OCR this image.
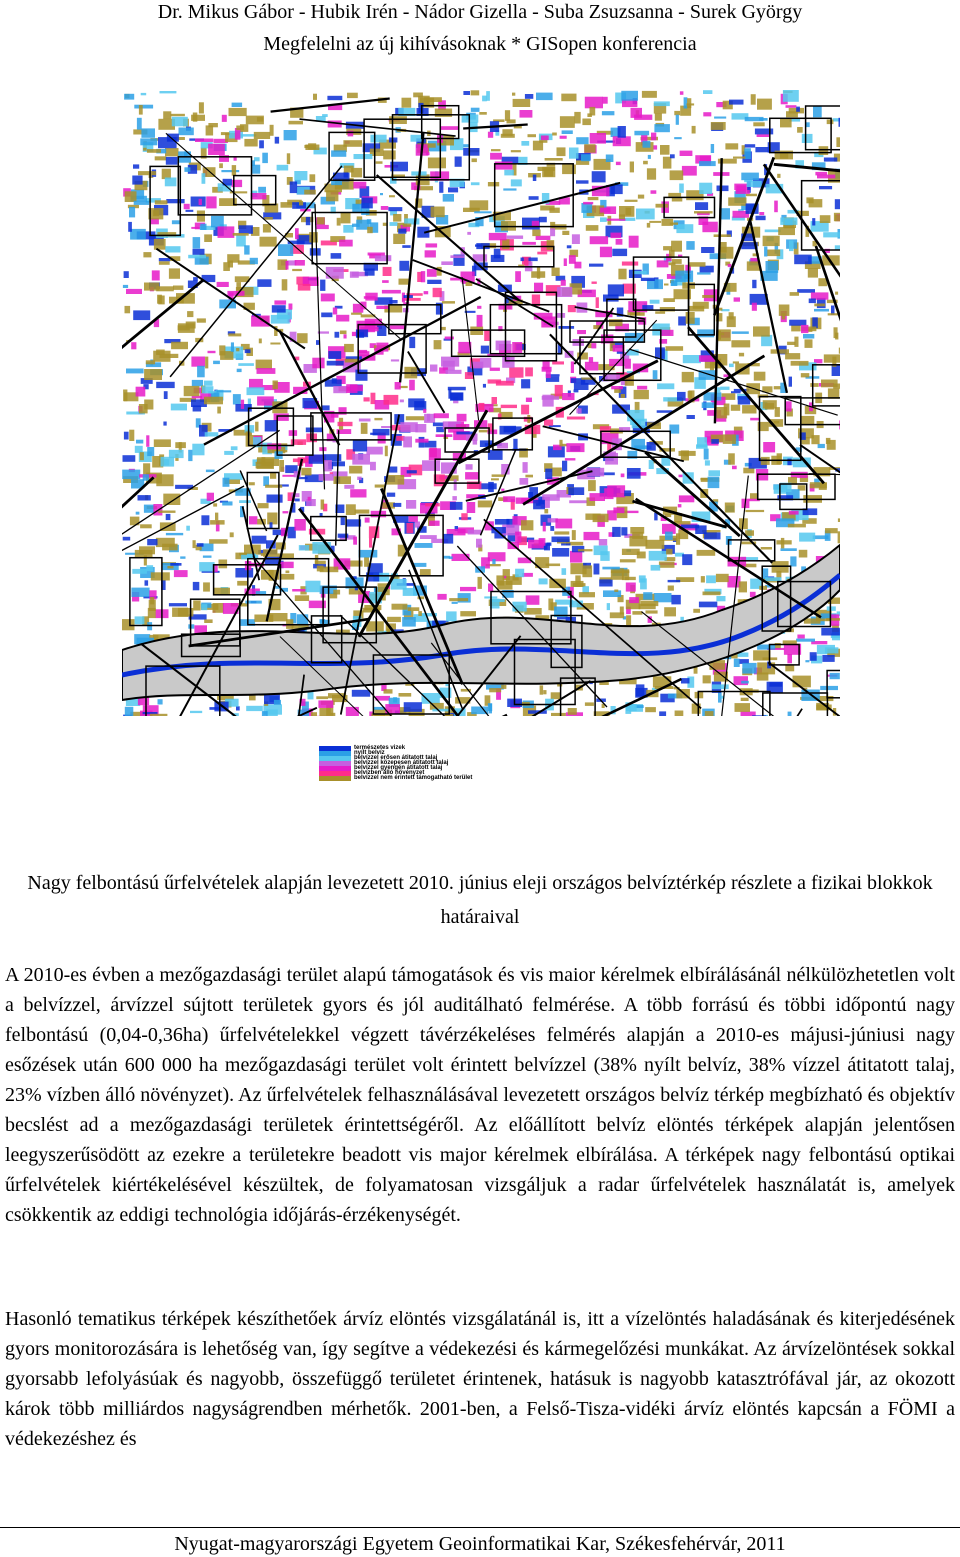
Dr. Mikus Gábor - Hubik Irén - Nádor Gizella - Suba Zsuzsanna - Surek György
Megfelelni az új kihívásoknak * GISopen konferencia
természetes vizek
nyílt belvíz
belvízzel erősen átitatott talaj
belvízzel közepesen átitatott talaj
belvízzel gyengén átitatott talaj
belvízben álló növényzet
belvízzel nem érintett támogatható terület
Nagy felbontású űrfelvételek alapján levezetett 2010. június eleji országos belvíztérkép részlete a fizikai blokkok határaival
A 2010-es évben a mezőgazdasági terület alapú támogatások és vis maior kérelmek elbírálásánál nélkülözhetetlen volt a belvízzel, árvízzel sújtott területek gyors és jól auditálható felmérése. A több forrású és többi időpontú nagy felbontású (0,04-0,36ha) űrfelvételekkel végzett távérzékeléses felmérés alapján a 2010-es májusi-júniusi nagy esőzések után 600 000 ha mezőgazdasági terület volt érintett belvízzel (38% nyílt belvíz, 38% vízzel átitatott talaj, 23% vízben álló növényzet). Az űrfelvételek felhasználásával levezetett országos belvíz térkép megbízható és objektív becslést ad a mezőgazdasági területek érintettségéről. Az előállított belvíz elöntés térképek alapján jelentősen leegyszerűsödött az ezekre a területekre beadott vis major kérelmek elbírálása. A térképek nagy felbontású optikai űrfelvételek kiértékelésével készültek, de folyamatosan vizsgáljuk a radar űrfelvételek használatát is, amelyek csökkentik az eddigi technológia időjárás-érzékenységét.
Hasonló tematikus térképek készíthetőek árvíz elöntés vizsgálatánál is, itt a vízelöntés haladásának és kiterjedésének gyors monitorozására is lehetőség van, így segítve a védekezési és kármegelőzési munkákat. Az árvízelöntések sokkal gyorsabb lefolyásúak és nagyobb, összefüggő területet érintenek, hatásuk is nagyobb katasztrófával jár, az okozott károk több milliárdos nagyságrendben mérhetők. 2001-ben, a Felső-Tisza-vidéki árvíz elöntés kapcsán a FÖMI a védekezéshez és
Nyugat-magyarországi Egyetem Geoinformatikai Kar, Székesfehérvár, 2011
